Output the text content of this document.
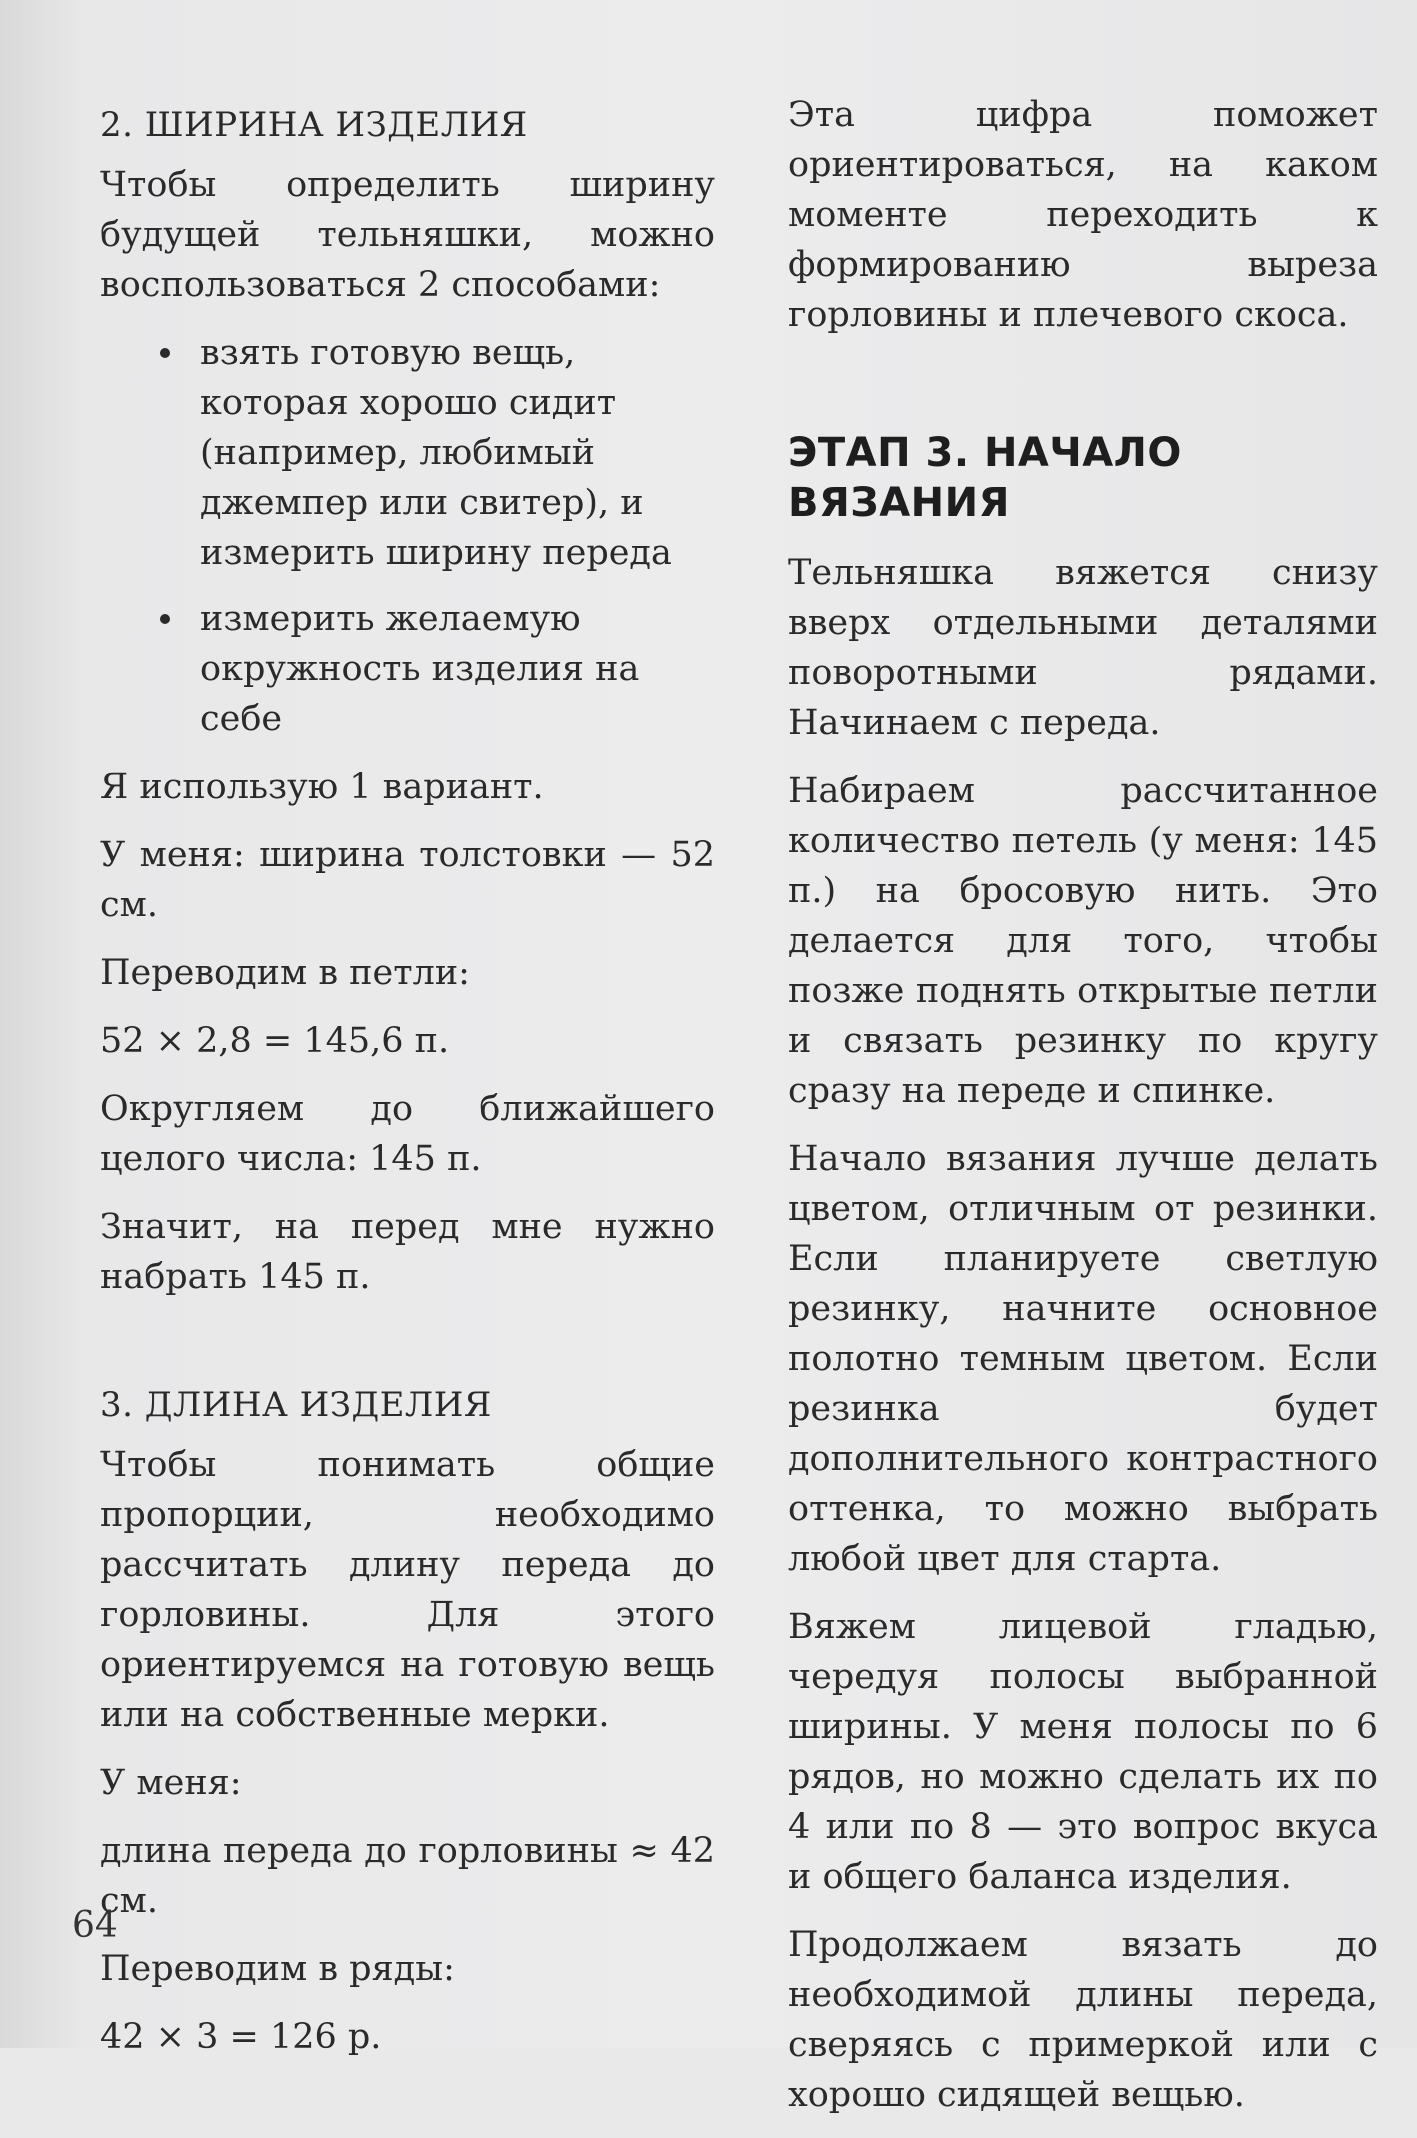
2. ШИРИНА ИЗДЕЛИЯ

Чтобы определить ширину будущей тельняшки, можно воспользоваться 2 способами:

взять готовую вещь, которая хорошо сидит (например, любимый джемпер или свитер), и измерить ширину переда
измерить желаемую окружность изделия на себе

Я использую 1 вариант.

У меня: ширина толстовки — 52 см.

Переводим в петли:

52 × 2,8 = 145,6 п.

Округляем до ближайшего целого числа: 145 п.

Значит, на перед мне нужно набрать 145 п.

3. ДЛИНА ИЗДЕЛИЯ

Чтобы понимать общие пропорции, необходимо рассчитать длину переда до горловины. Для этого ориентируемся на готовую вещь или на собственные мерки.

У меня:

длина переда до горловины ≈ 42 см.

Переводим в ряды:

42 × 3 = 126 р.

Эта цифра поможет ориентироваться, на каком моменте переходить к формированию выреза горловины и плечевого скоса.

ЭТАП 3. НАЧАЛО ВЯЗАНИЯ

Тельняшка вяжется снизу вверх отдельными деталями поворотными рядами. Начинаем с переда.

Набираем рассчитанное количество петель (у меня: 145 п.) на бросовую нить. Это делается для того, чтобы позже поднять открытые петли и связать резинку по кругу сразу на переде и спинке.

Начало вязания лучше делать цветом, отличным от резинки. Если планируете светлую резинку, начните основное полотно темным цветом. Если резинка будет дополнительного контрастного оттенка, то можно выбрать любой цвет для старта.

Вяжем лицевой гладью, чередуя полосы выбранной ширины. У меня полосы по 6 рядов, но можно сделать их по 4 или по 8 — это вопрос вкуса и общего баланса изделия.

Продолжаем вязать до необходимой длины переда, сверяясь с примеркой или с хорошо сидящей вещью.

64
